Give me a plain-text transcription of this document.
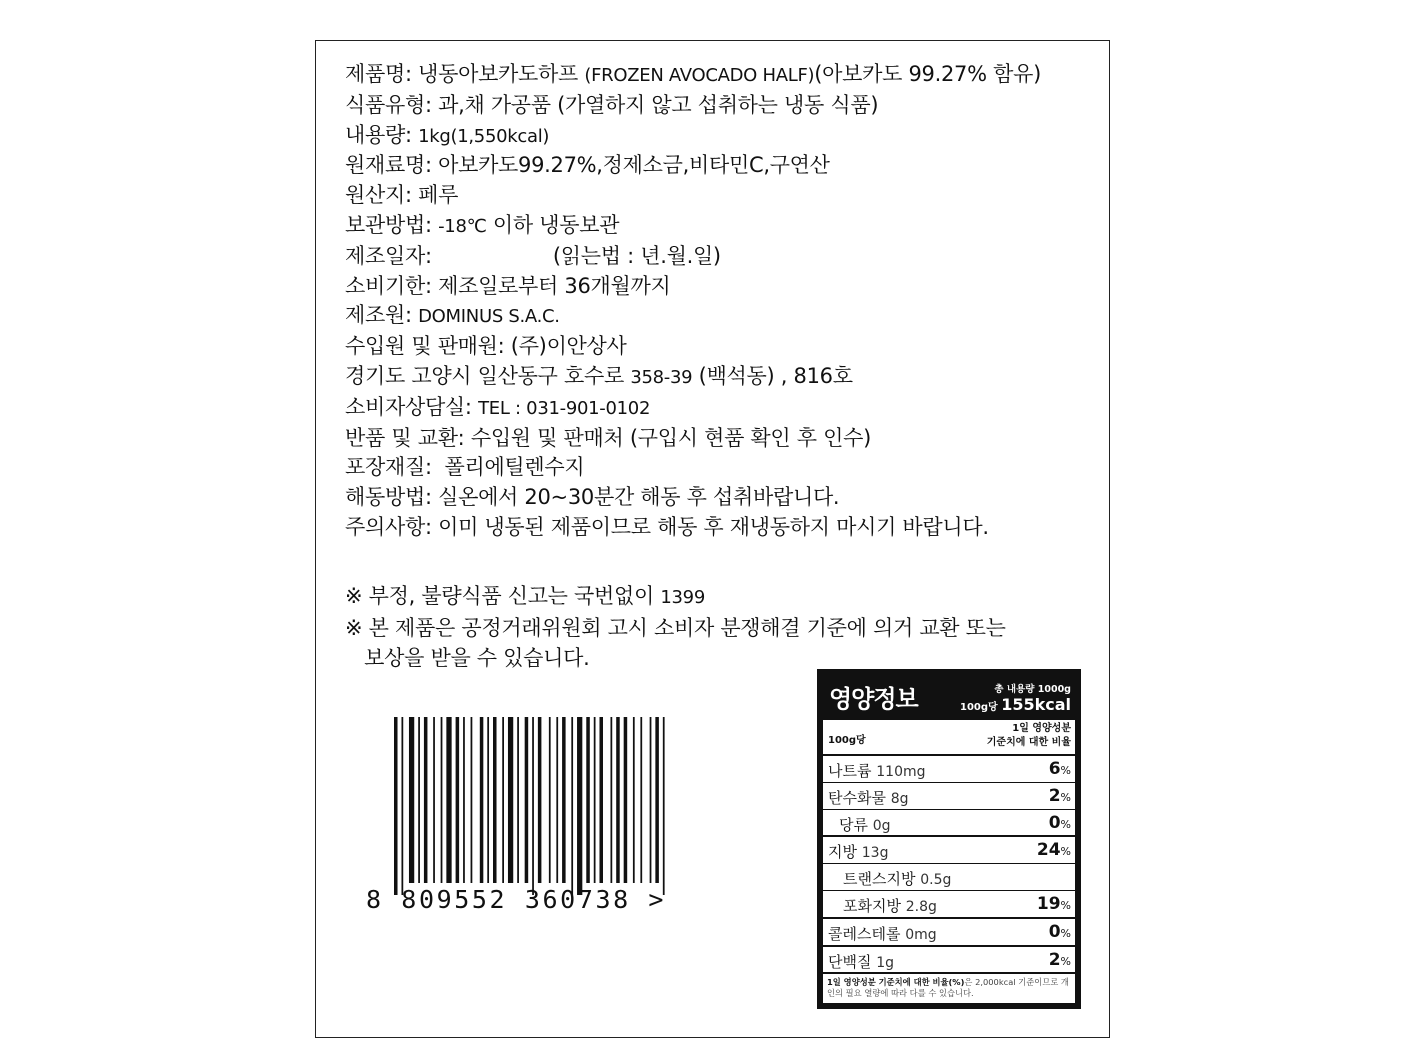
제품명: 냉동아보카도하프 (FROZEN AVOCADO HALF)(아보카도 99.27% 함유)
식품유형: 과,채 가공품 (가열하지 않고 섭취하는 냉동 식품)
내용량: 1kg(1,550kcal)
원재료명: 아보카도99.27%,정제소금,비타민C,구연산
원산지: 페루
보관방법: -18℃ 이하 냉동보관
제조일자:                   (읽는법 : 년.월.일)
소비기한: 제조일로부터 36개월까지
제조원: DOMINUS S.A.C.
수입원 및 판매원: (주)이안상사
경기도 고양시 일산동구 호수로 358-39 (백석동) , 816호
소비자상담실: TEL : 031-901-0102
반품 및 교환: 수입원 및 판매처 (구입시 현품 확인 후 인수)
포장재질:  폴리에틸렌수지
해동방법: 실온에서 20~30분간 해동 후 섭취바랍니다.
주의사항: 이미 냉동된 제품이므로 해동 후 재냉동하지 마시기 바랍니다.
※ 부정, 불량식품 신고는 국번없이 1399
※ 본 제품은 공정거래위원회 고시 소비자 분쟁해결 기준에 의거 교환 또는
보상을 받을 수 있습니다.
8 809552 360738 >
영양정보	총 내용량 1000g
100g당 155kcal
100g당
1일 영양성분
기준치에 대한 비율
나트륨 110mg	6%
탄수화물 8g	2%
당류 0g	0%
지방 13g	24%
트랜스지방 0.5g
포화지방 2.8g	19%
콜레스테롤 0mg	0%
단백질 1g	2%
1일 영양성분 기준치에 대한 비율(%)은 2,000kcal 기준이므로 개인의 필요 열량에 따라 다를 수 있습니다.
